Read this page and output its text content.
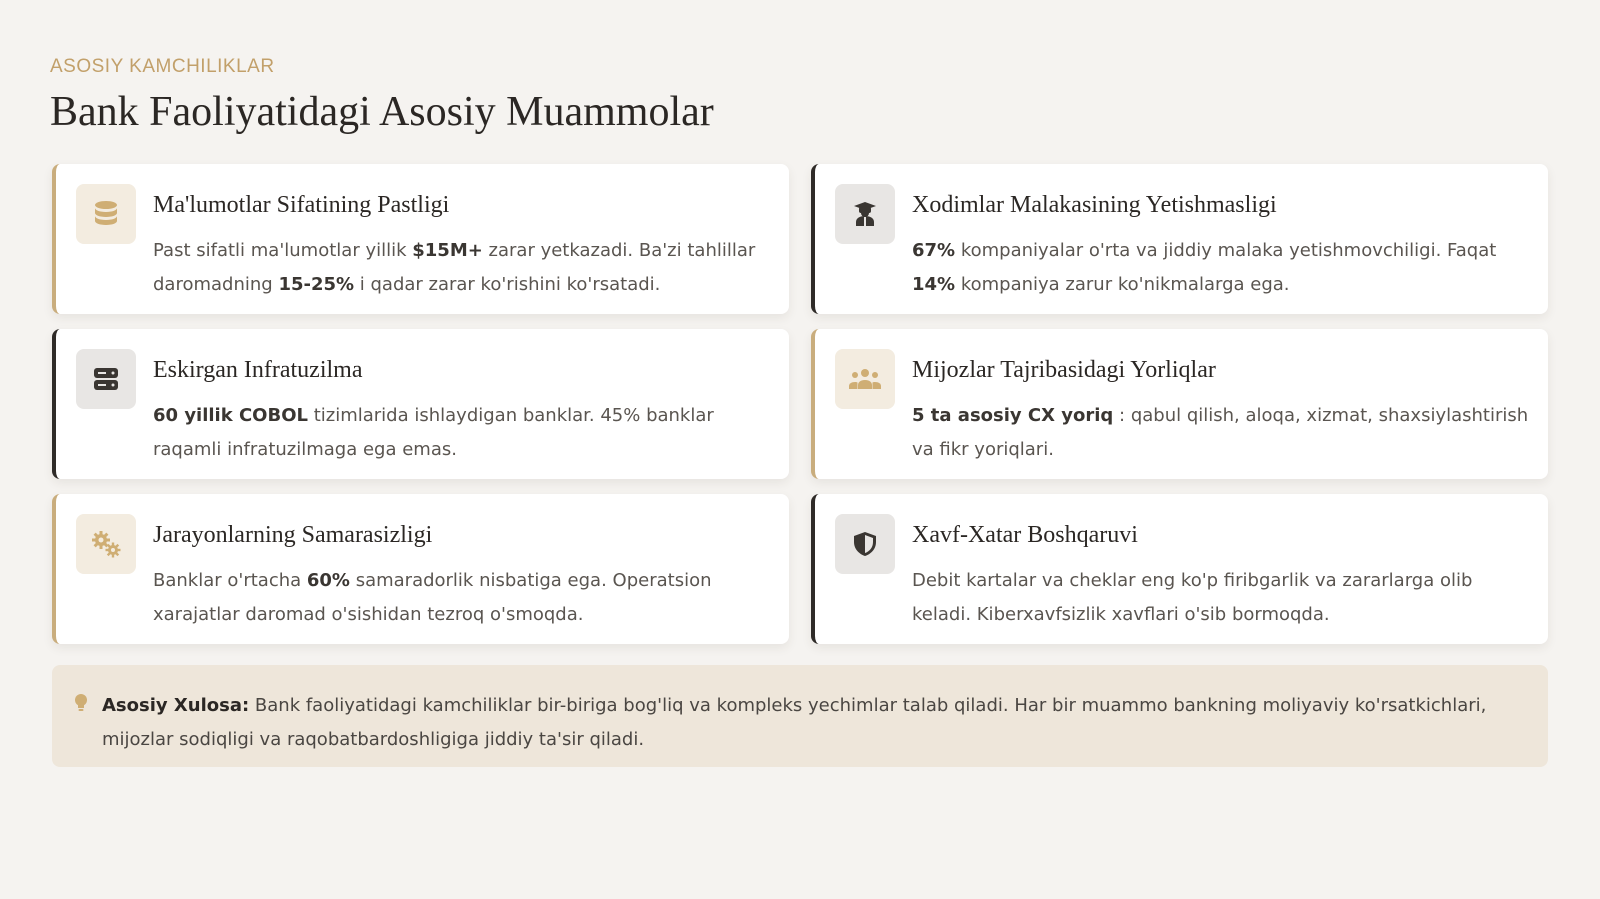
ASOSIY KAMCHILIKLAR
Bank Faoliyatidagi Asosiy Muammolar
Ma'lumotlar Sifatining Pastligi

Past sifatli ma'lumotlar yillik $15M+ zarar yetkazadi. Ba'zi tahlillar daromadning 15-25% i qadar zarar ko'rishini ko'rsatadi.

Xodimlar Malakasining Yetishmasligi

67% kompaniyalar o'rta va jiddiy malaka yetishmovchiligi. Faqat 14% kompaniya zarur ko'nikmalarga ega.

Eskirgan Infratuzilma

60 yillik COBOL tizimlarida ishlaydigan banklar. 45% banklar raqamli infratuzilmaga ega emas.

Mijozlar Tajribasidagi Yorliqlar

5 ta asosiy CX yoriq : qabul qilish, aloqa, xizmat, shaxsiylashtirish va fikr yoriqlari.

Jarayonlarning Samarasizligi

Banklar o'rtacha 60% samaradorlik nisbatiga ega. Operatsion xarajatlar daromad o'sishidan tezroq o'smoqda.

Xavf-Xatar Boshqaruvi

Debit kartalar va cheklar eng ko'p firibgarlik va zararlarga olib keladi. Kiberxavfsizlik xavflari o'sib bormoqda.

Asosiy Xulosa: Bank faoliyatidagi kamchiliklar bir-biriga bog'liq va kompleks yechimlar talab qiladi. Har bir muammo bankning moliyaviy ko'rsatkichlari, mijozlar sodiqligi va raqobatbardoshligiga jiddiy ta'sir qiladi.
